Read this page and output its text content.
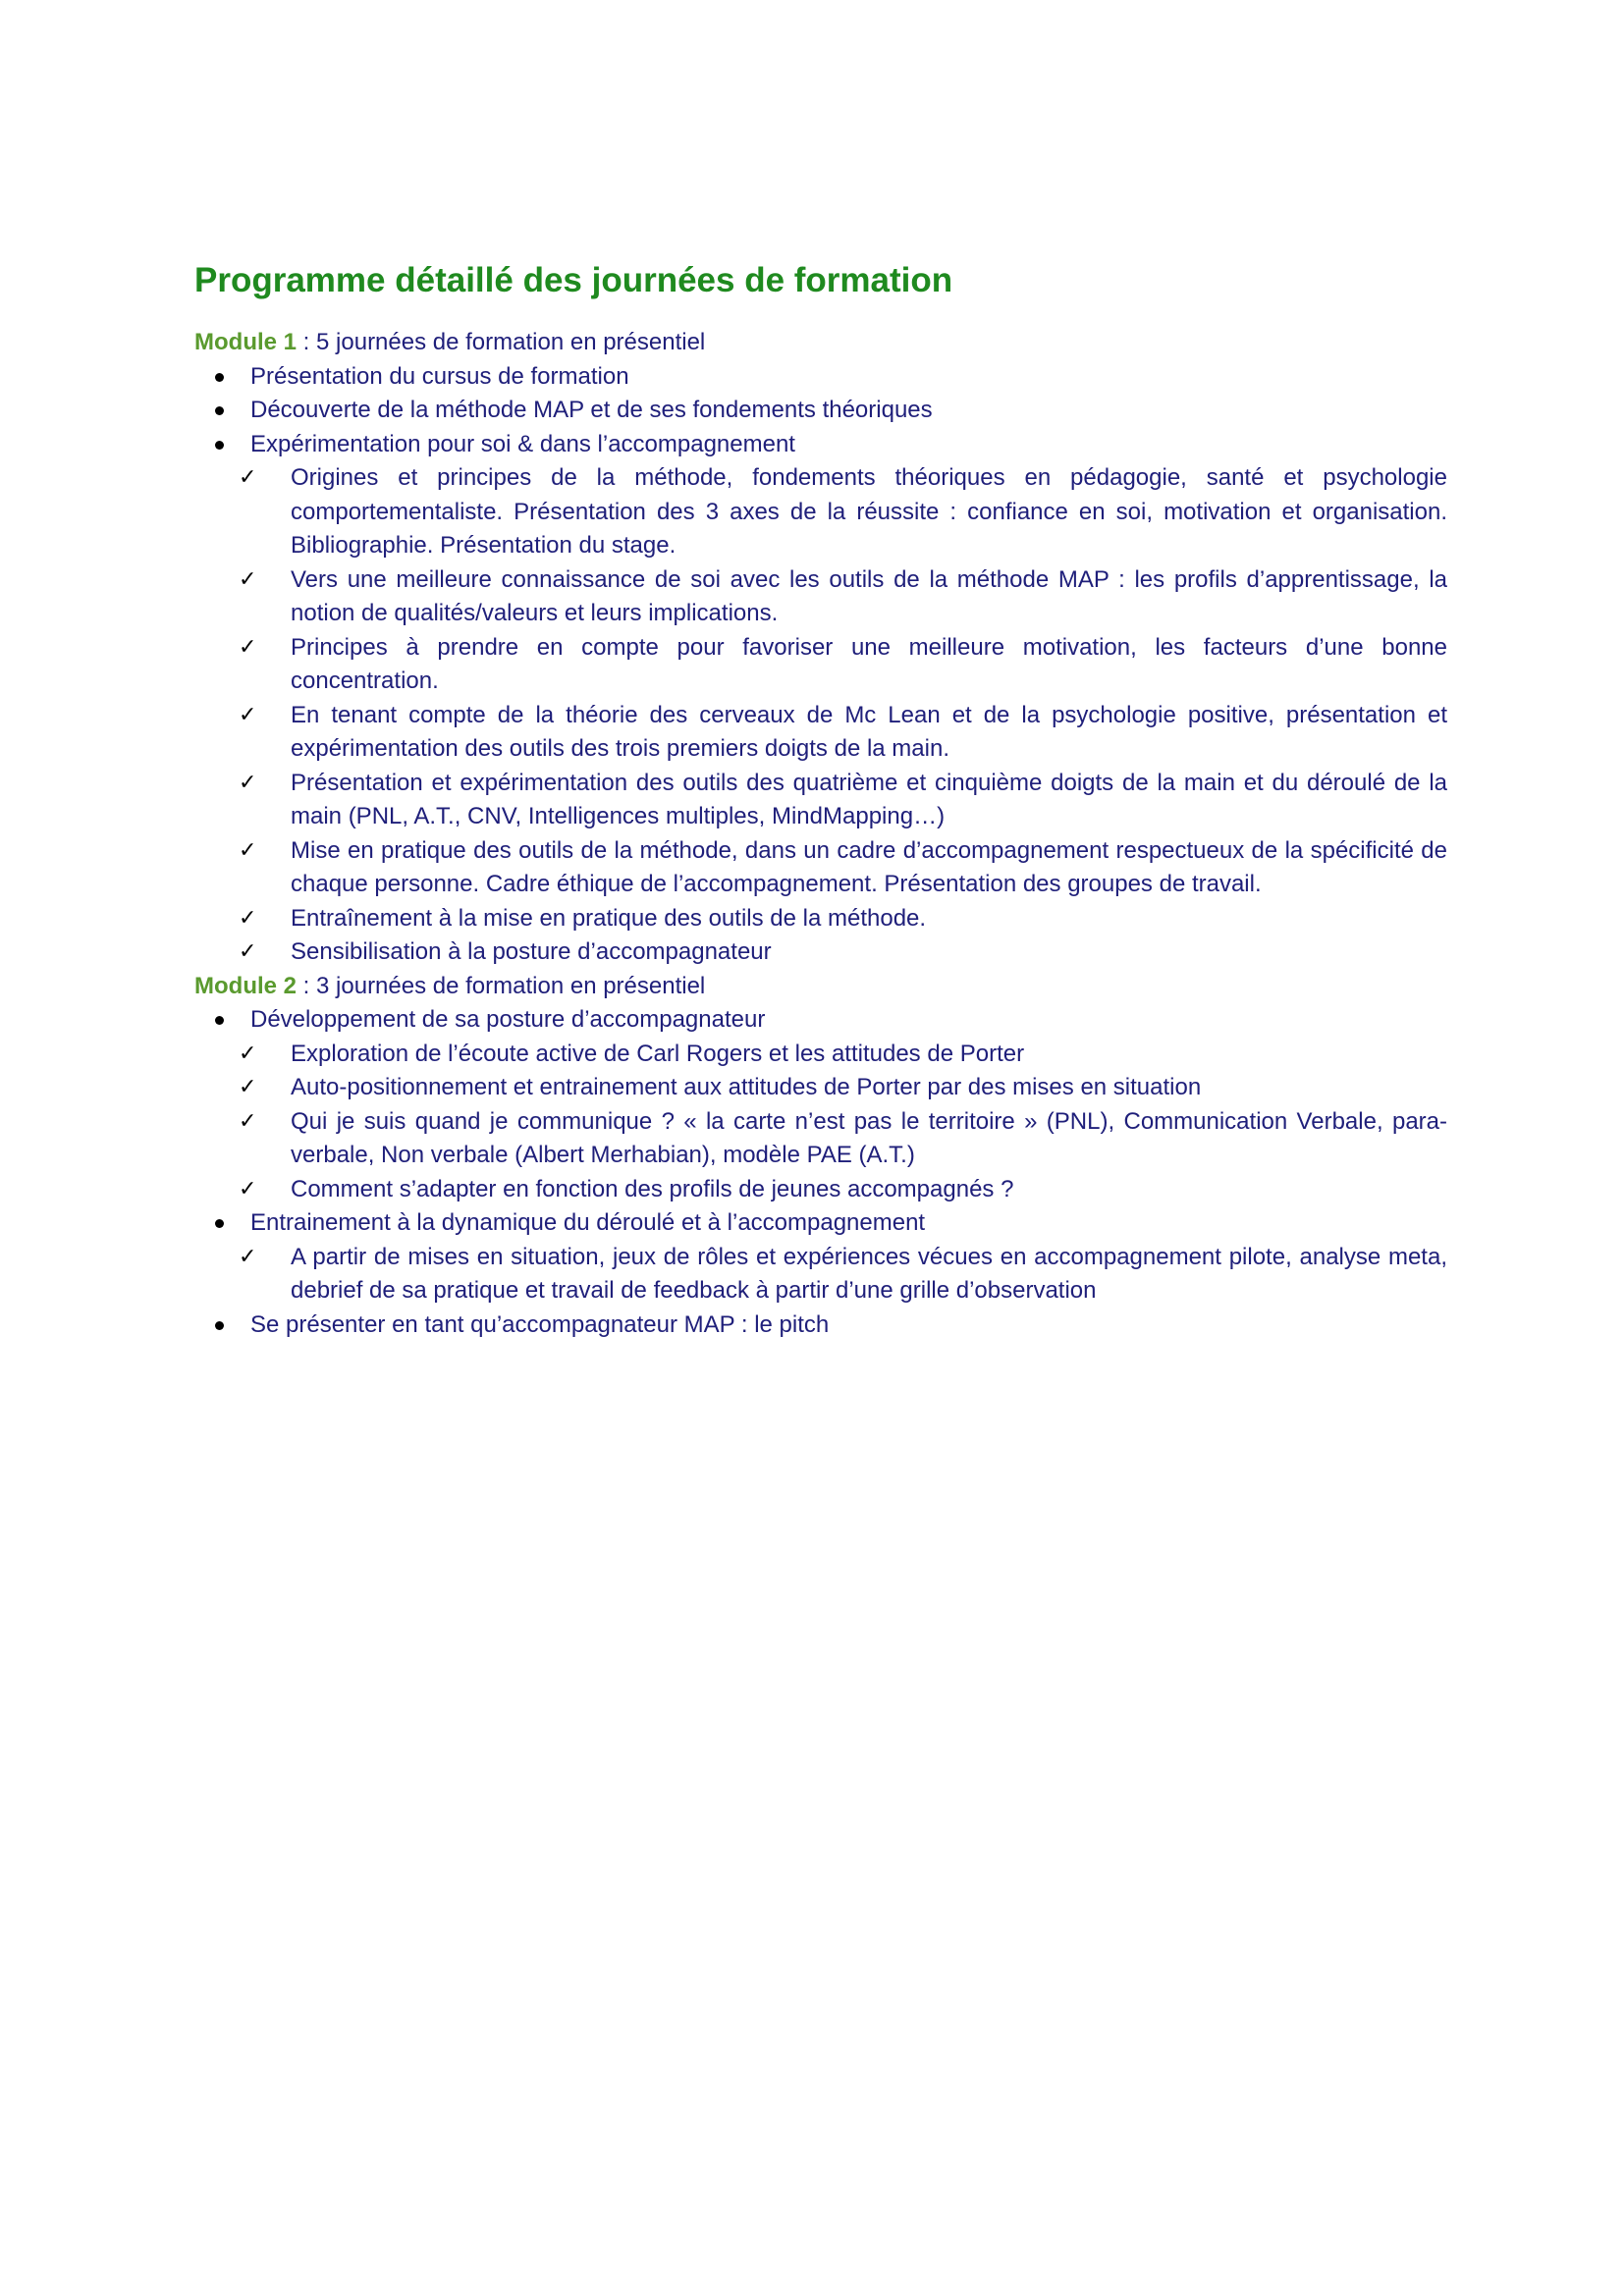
Programme détaillé des journées de formation

Module 1 : 5 journées de formation en présentiel

Présentation du cursus de formation
Découverte de la méthode MAP et de ses fondements théoriques
Expérimentation pour soi & dans l’accompagnement
✓ Origines et principes de la méthode, fondements théoriques en pédagogie, santé et psychologie comportementaliste. Présentation des 3 axes de la réussite : confiance en soi, motivation et organisation. Bibliographie. Présentation du stage.
✓ Vers une meilleure connaissance de soi avec les outils de la méthode MAP : les profils d’apprentissage, la notion de qualités/valeurs et leurs implications.
✓ Principes à prendre en compte pour favoriser une meilleure motivation, les facteurs d’une bonne concentration.
✓ En tenant compte de la théorie des cerveaux de Mc Lean et de la psychologie positive, présentation et expérimentation des outils des trois premiers doigts de la main.
✓ Présentation et expérimentation des outils des quatrième et cinquième doigts de la main et du déroulé de la main (PNL, A.T., CNV, Intelligences multiples, MindMapping…)
✓ Mise en pratique des outils de la méthode, dans un cadre d’accompagnement respectueux de la spécificité de chaque personne. Cadre éthique de l’accompagnement. Présentation des groupes de travail.
✓ Entraînement à la mise en pratique des outils de la méthode.
✓ Sensibilisation à la posture d’accompagnateur

Module 2 : 3 journées de formation en présentiel

Développement de sa posture d’accompagnateur
✓ Exploration de l’écoute active de Carl Rogers et les attitudes de Porter
✓ Auto-positionnement et entrainement aux attitudes de Porter par des mises en situation
✓ Qui je suis quand je communique ? « la carte n’est pas le territoire » (PNL), Communication Verbale, para-verbale, Non verbale (Albert Merhabian), modèle PAE (A.T.)
✓ Comment s’adapter en fonction des profils de jeunes accompagnés ?
Entrainement à la dynamique du déroulé et à l’accompagnement
✓ A partir de mises en situation, jeux de rôles et expériences vécues en accompagnement pilote, analyse meta, debrief de sa pratique et travail de feedback à partir d’une grille d’observation
Se présenter en tant qu’accompagnateur MAP : le pitch
